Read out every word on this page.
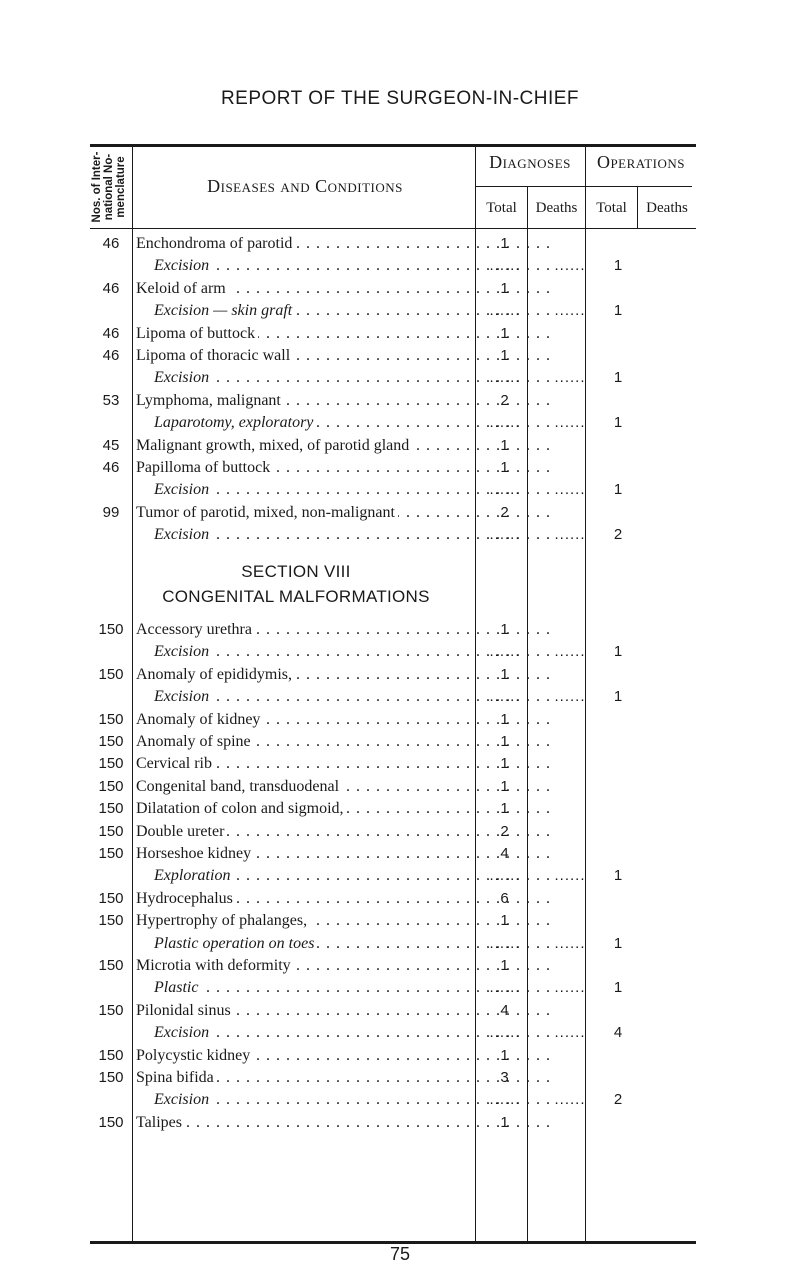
REPORT OF THE SURGEON-IN-CHIEF
Nos. of Inter-
national No-
menclature	Diseases and Conditions
Diagnoses	Operations
Total	Deaths	Total	Deaths
46	Enchondroma of parotid . . .	1
Excision . . .	......	......	1
46	Keloid of arm . . .	1
Excision — skin graft . . .	......	......	1
46	Lipoma of buttock . . .	1
46	Lipoma of thoracic wall . . .	1
Excision . . .	......	......	1
53	Lymphoma, malignant . . .	2
Laparotomy, exploratory . . .	......	......	1
45	Malignant growth, mixed, of parotid gland . . .	1
46	Papilloma of buttock . . .	1
Excision . . .	......	......	1
99	Tumor of parotid, mixed, non-malignant . . .	2
Excision . . .	......	......	2
SECTION VIII
CONGENITAL MALFORMATIONS
150 Accessory urethra . . .	1
Excision . . .	......	......	1
150 Anomaly of epididymis, . . .	1
Excision . . .	......	......	1
150 Anomaly of kidney . . .	1
150 Anomaly of spine . . .	1
150 Cervical rib . . .	1
150 Congenital band, transduodenal . . .	1
150 Dilatation of colon and sigmoid, . . .	1
150 Double ureter . . .	2
150 Horseshoe kidney . . .	4
Exploration . . .	......	......	1
150 Hydrocephalus . . .	6
150 Hypertrophy of phalanges, . . .	1
Plastic operation on toes . . .	......	......	1
150 Microtia with deformity . . .	1
Plastic . . .	......	......	1
150 Pilonidal sinus . . .	4
Excision . . .	......	......	4
150 Polycystic kidney . . .	1
150 Spina bifida . . .	3
Excision . . .	......	......	2
150 Talipes . . .	1
75
